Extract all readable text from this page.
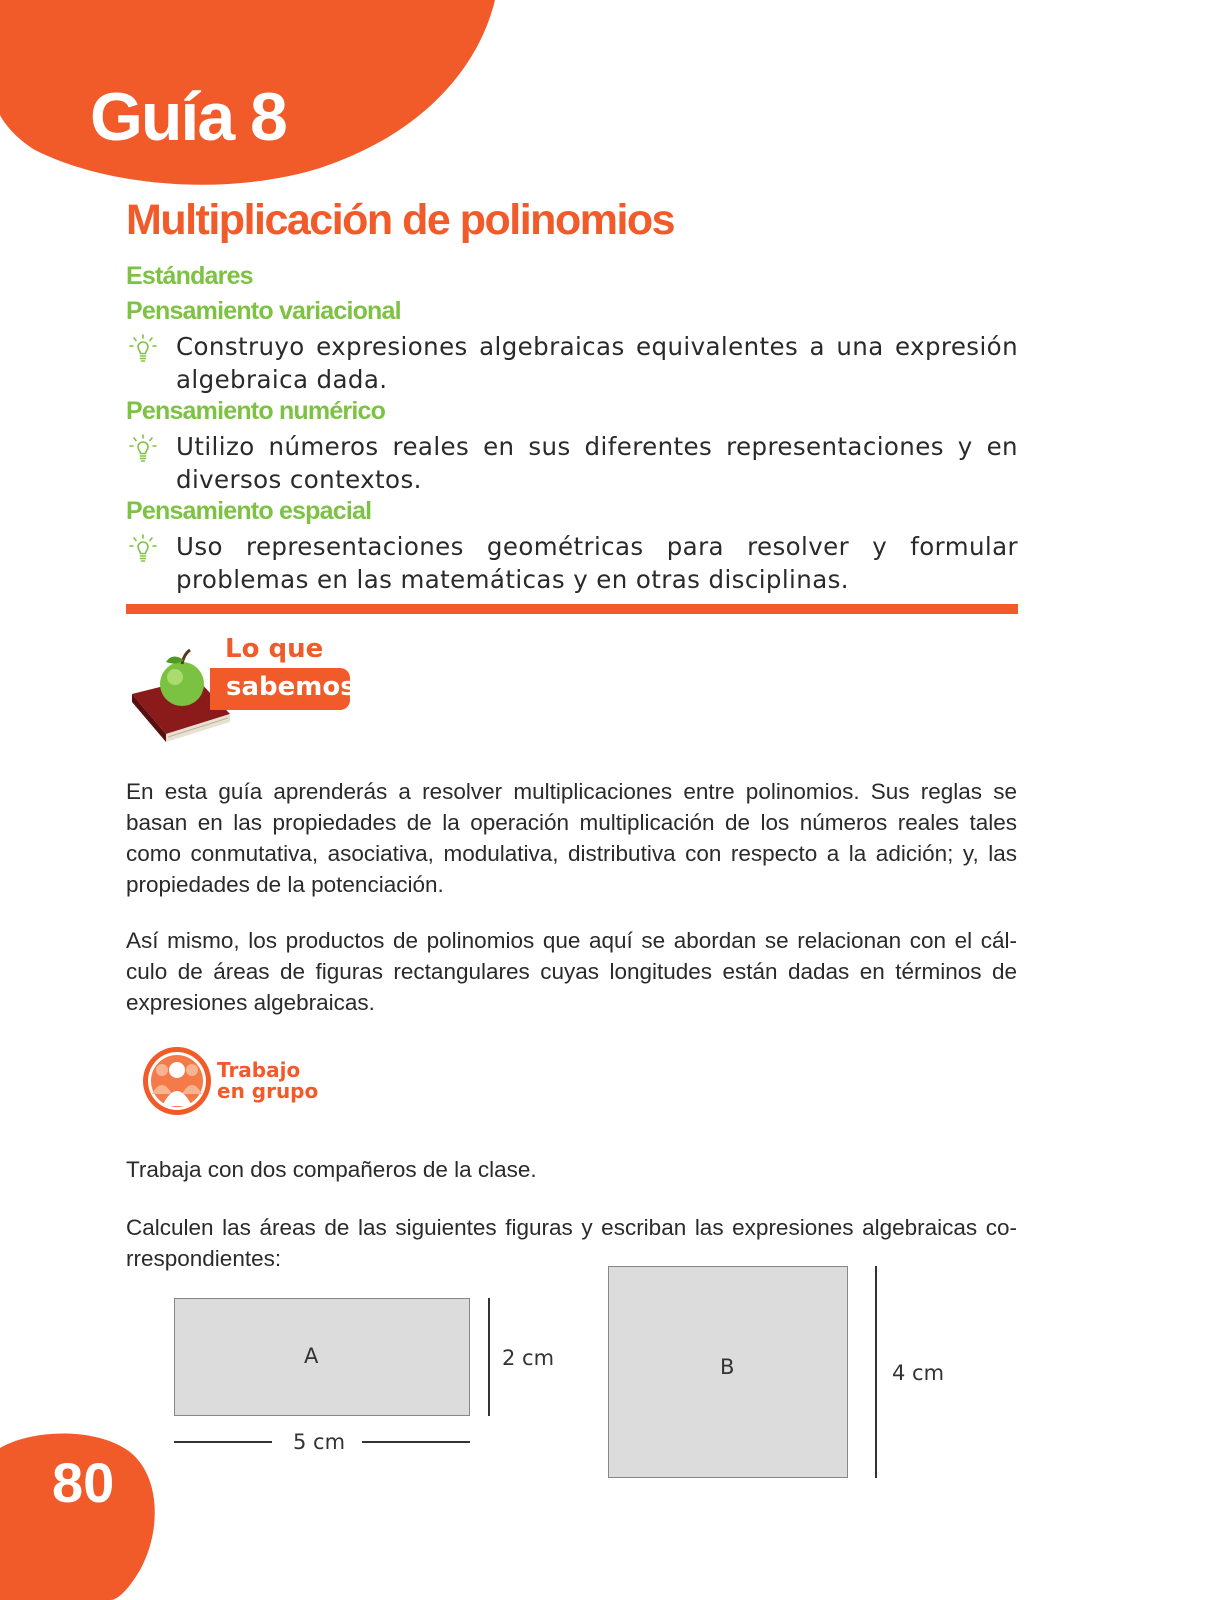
Guía 8
Multiplicación de polinomios
Estándares
Pensamiento variacional
Construyo expresiones algebraicas equivalentes a una expresión algebraica dada.
Pensamiento numérico
Utilizo números reales en sus diferentes representaciones y en diversos contextos.
Pensamiento espacial
Uso representaciones geométricas para resolver y formular problemas en las matemáticas y en otras disciplinas.
Lo que
sabemos
En esta guía aprenderás a resolver multiplicaciones entre polinomios. Sus reglas se basan en las propiedades de la operación multiplicación de los números reales tales como conmutativa, asociativa, modulativa, distributiva con respecto a la adición; y, las propiedades de la potenciación.
Así mismo, los productos de polinomios que aquí se abordan se relacionan con el cálculo de áreas de figuras rectangulares cuyas longitudes están dadas en términos de expresiones algebraicas.
Trabajo
en grupo
Trabaja con dos compañeros de la clase.
Calculen las áreas de las siguientes figuras y escriban las expresiones algebraicas correspondientes:
A	2 cm
5 cm
B	4 cm
80
